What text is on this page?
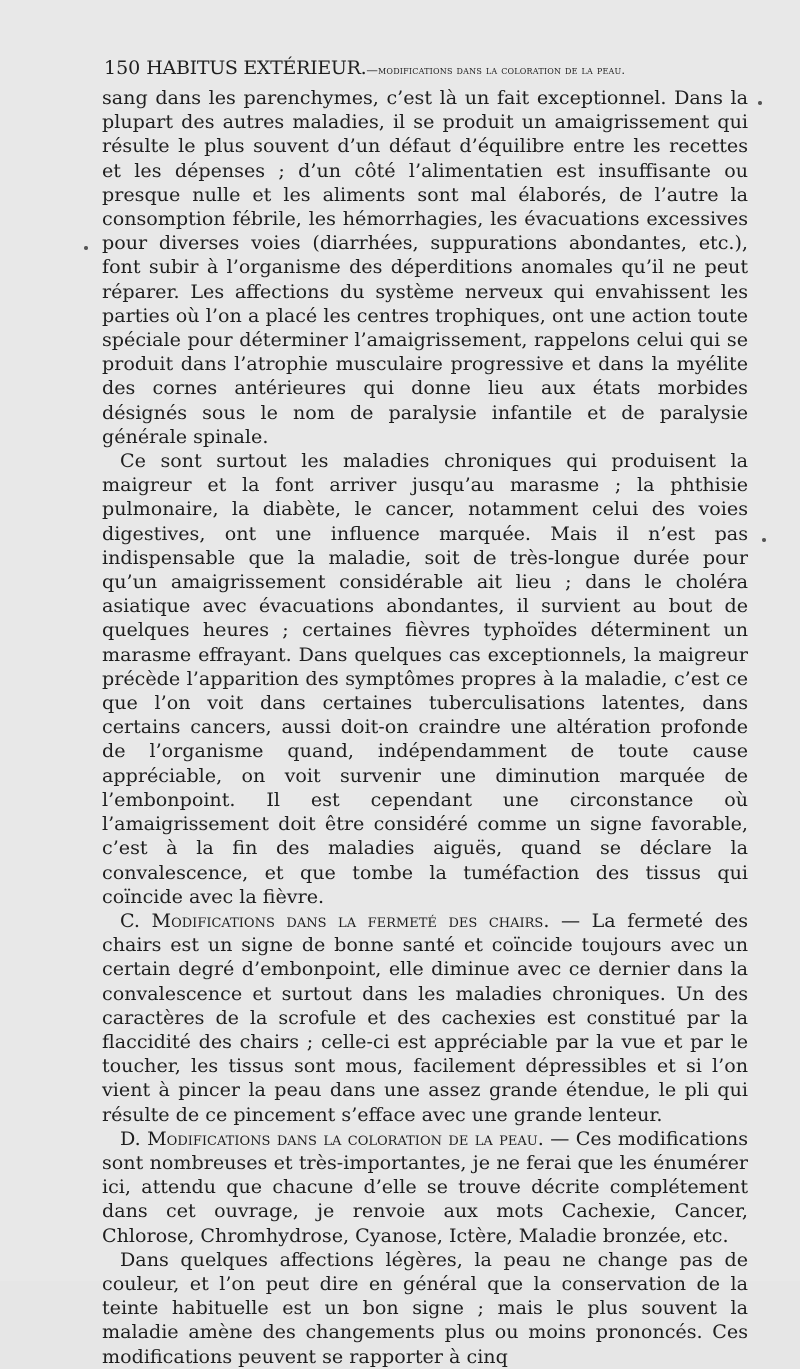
150 HABITUS EXTÉRIEUR.—modifications dans la coloration de la peau.

sang dans les parenchymes, c’est là un fait exceptionnel. Dans la plupart des autres maladies, il se produit un amaigrissement qui résulte le plus souvent d’un défaut d’équilibre entre les recettes et les dépenses ; d’un côté l’alimentatien est insuffisante ou presque nulle et les aliments sont mal élaborés, de l’autre la consomption fébrile, les hémorrhagies, les évacuations excessives pour diverses voies (diarrhées, suppurations abondantes, etc.), font subir à l’organisme des déperditions anomales qu’il ne peut réparer. Les affections du système nerveux qui envahissent les parties où l’on a placé les centres trophiques, ont une action toute spéciale pour déterminer l’amaigrissement, rappelons celui qui se produit dans l’atrophie musculaire progressive et dans la myélite des cornes antérieures qui donne lieu aux états morbides désignés sous le nom de paralysie infantile et de paralysie générale spinale.

Ce sont surtout les maladies chroniques qui produisent la maigreur et la font arriver jusqu’au marasme ; la phthisie pulmonaire, la diabète, le cancer, notamment celui des voies digestives, ont une influence marquée. Mais il n’est pas indispensable que la maladie, soit de très-longue durée pour qu’un amaigrissement considérable ait lieu ; dans le choléra asiatique avec évacuations abondantes, il survient au bout de quelques heures ; certaines fièvres typhoïdes déterminent un marasme effrayant. Dans quelques cas exceptionnels, la maigreur précède l’apparition des symptômes propres à la maladie, c’est ce que l’on voit dans certaines tuberculisations latentes, dans certains cancers, aussi doit-on craindre une altération profonde de l’organisme quand, indépendamment de toute cause appréciable, on voit survenir une diminution marquée de l’embonpoint. Il est cependant une circonstance où l’amaigrissement doit être considéré comme un signe favorable, c’est à la fin des maladies aiguës, quand se déclare la convalescence, et que tombe la tuméfaction des tissus qui coïncide avec la fièvre.

C. Modifications dans la fermeté des chairs. — La fermeté des chairs est un signe de bonne santé et coïncide toujours avec un certain degré d’embonpoint, elle diminue avec ce dernier dans la convalescence et surtout dans les maladies chroniques. Un des caractères de la scrofule et des cachexies est constitué par la flaccidité des chairs ; celle-ci est appréciable par la vue et par le toucher, les tissus sont mous, facilement dépressibles et si l’on vient à pincer la peau dans une assez grande étendue, le pli qui résulte de ce pincement s’efface avec une grande lenteur.

D. Modifications dans la coloration de la peau. — Ces modifications sont nombreuses et très-importantes, je ne ferai que les énumérer ici, attendu que chacune d’elle se trouve décrite complétement dans cet ouvrage, je renvoie aux mots Cachexie, Cancer, Chlorose, Chromhydrose, Cyanose, Ictère, Maladie bronzée, etc.

Dans quelques affections légères, la peau ne change pas de couleur, et l’on peut dire en général que la conservation de la teinte habituelle est un bon signe ; mais le plus souvent la maladie amène des changements plus ou moins prononcés. Ces modifications peuvent se rapporter à cinq
